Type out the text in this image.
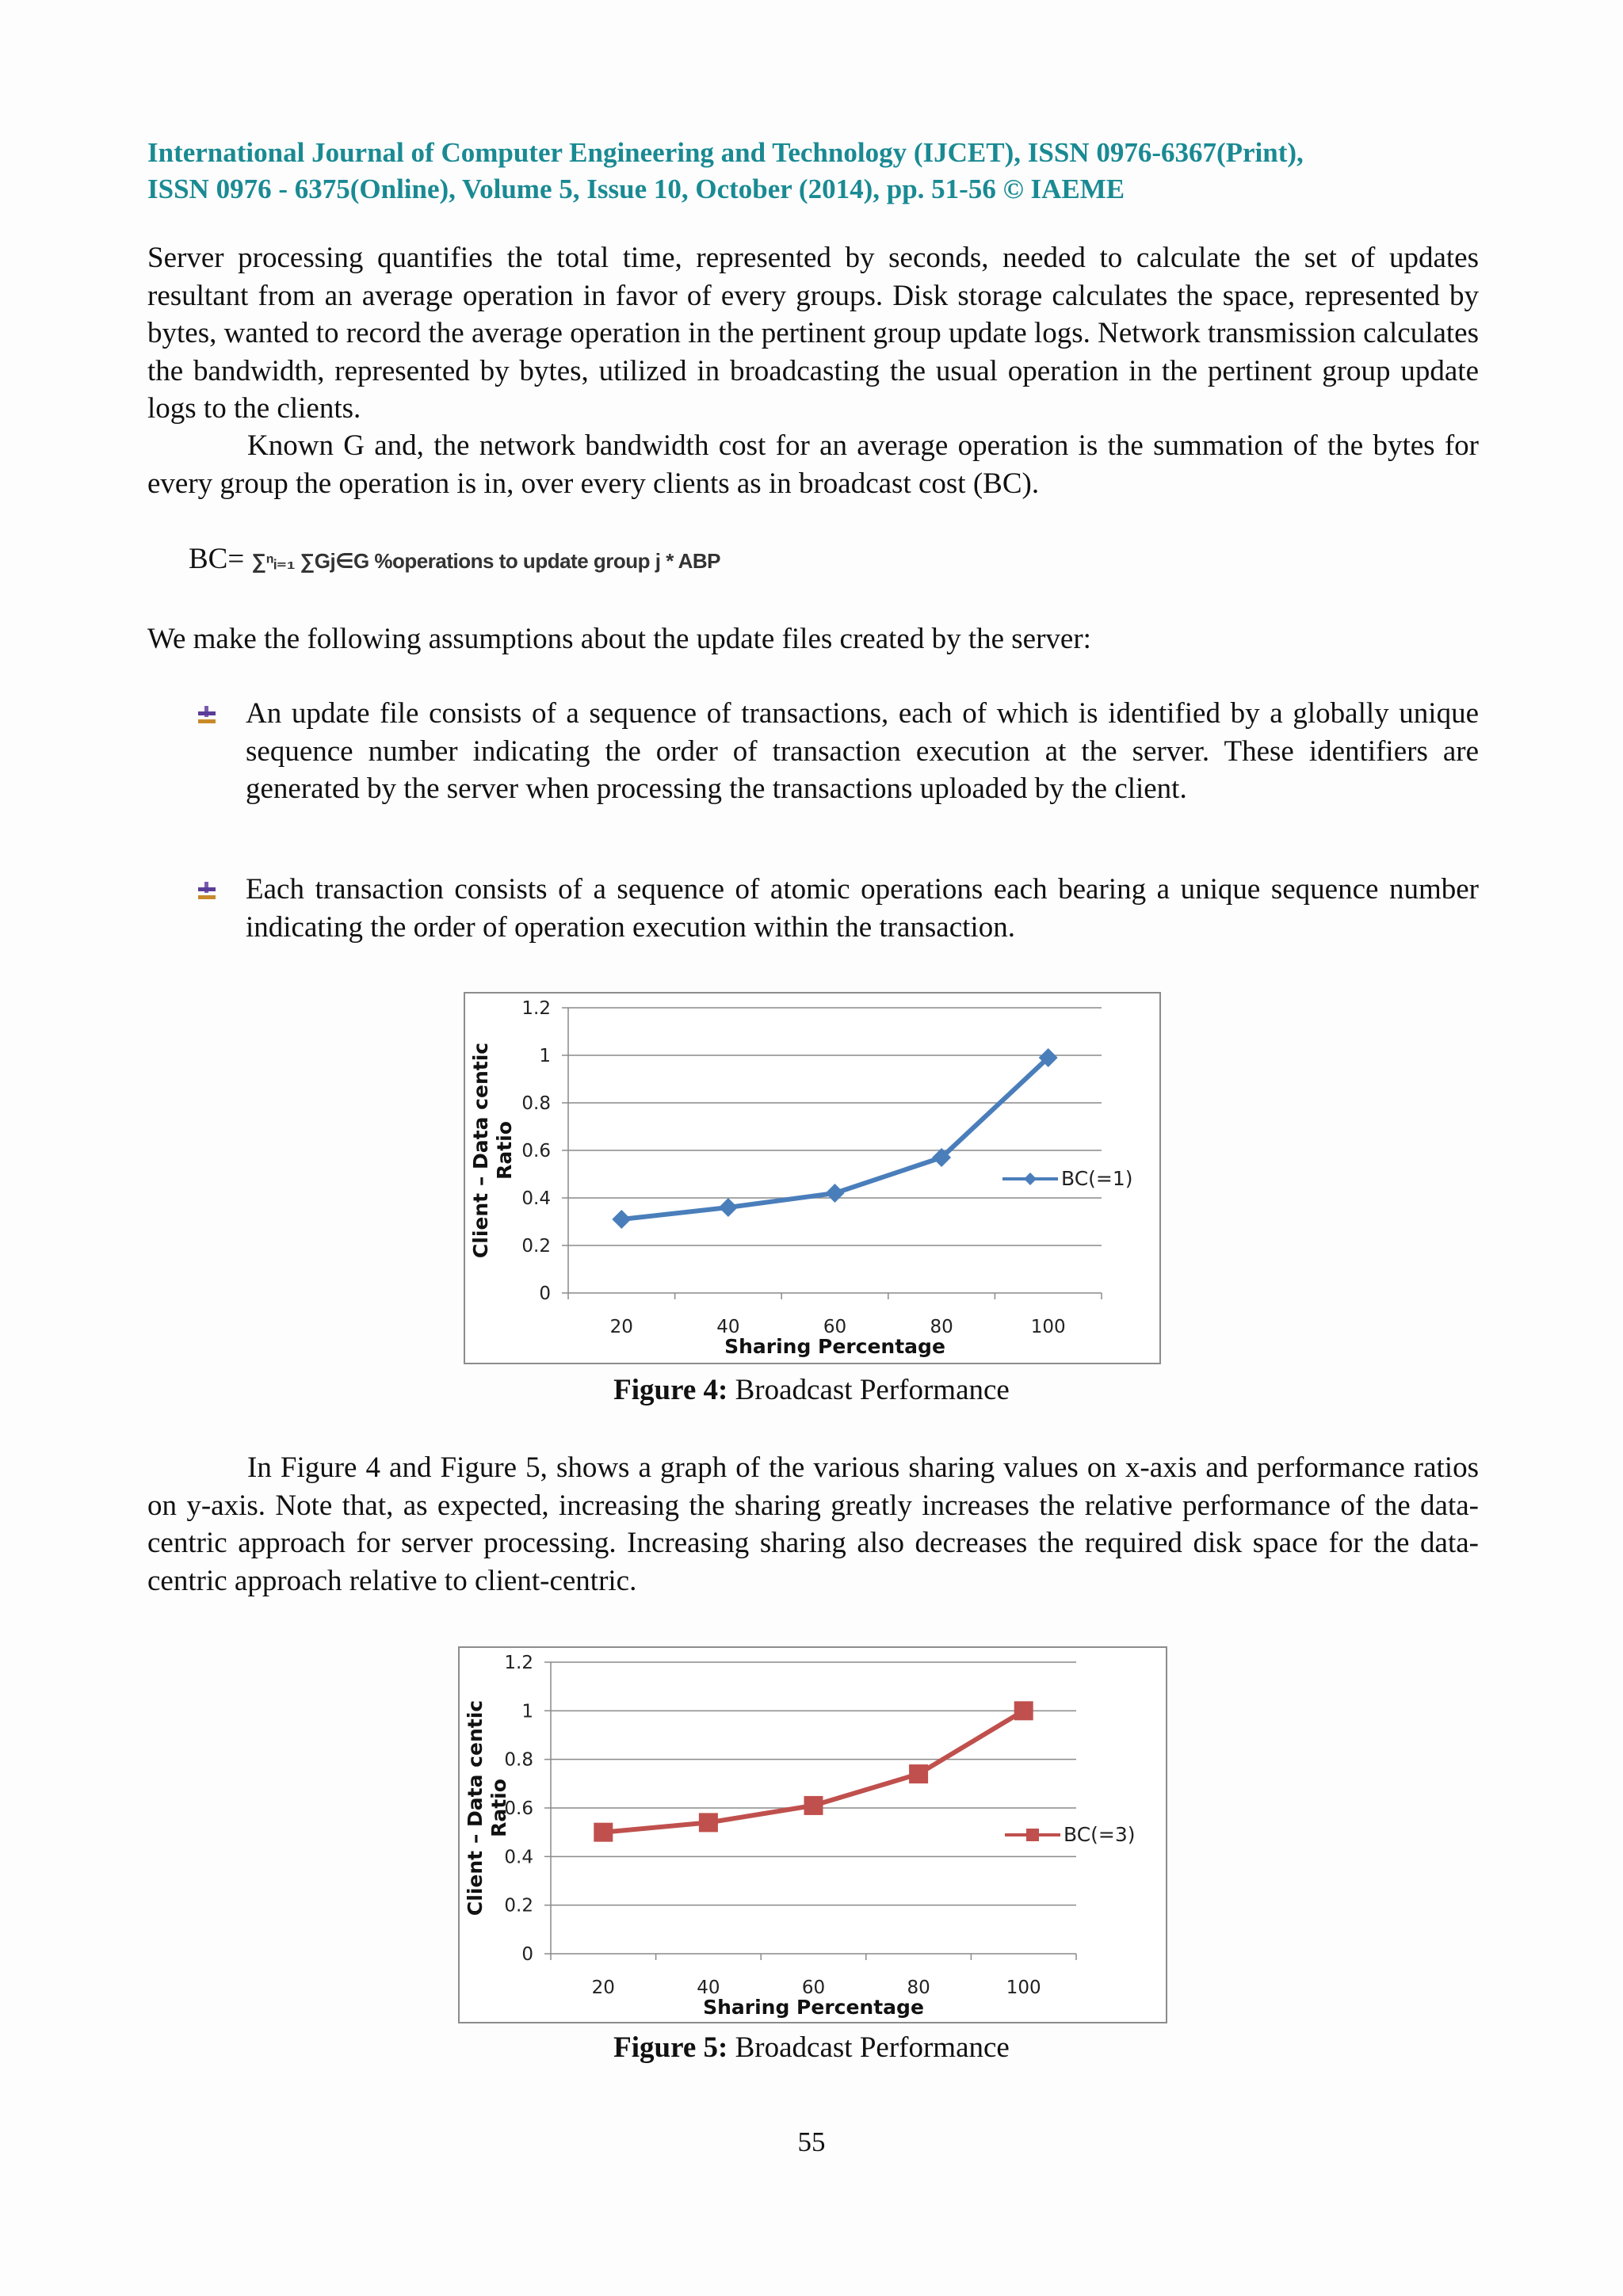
International Journal of Computer Engineering and Technology (IJCET), ISSN 0976-6367(Print),
ISSN 0976 - 6375(Online), Volume 5, Issue 10, October (2014), pp. 51-56 © IAEME

Server processing quantifies the total time, represented by seconds, needed to calculate the set of updates resultant from an average operation in favor of every groups. Disk storage calculates the space, represented by bytes, wanted to record the average operation in the pertinent group update logs. Network transmission calculates the bandwidth, represented by bytes, utilized in broadcasting the usual operation in the pertinent group update logs to the clients.

Known G and, the network bandwidth cost for an average operation is the summation of the bytes for every group the operation is in, over every clients as in broadcast cost (BC).

BC= ∑ⁿᵢ₌₁ ∑Gj∈G %operations to update group j * ABP

We make the following assumptions about the update files created by the server:

An update file consists of a sequence of transactions, each of which is identified by a globally unique sequence number indicating the order of transaction execution at the server. These identifiers are generated by the server when processing the transactions uploaded by the client.

Each transaction consists of a sequence of atomic operations each bearing a unique sequence number indicating the order of operation execution within the transaction.

0
0.2
0.4
0.6
0.8
1
1.2
20	40	60	80	100
Sharing Percentage
Client – Data centic Ratio	BC(=1)
Figure 4: Broadcast Performance

In Figure 4 and Figure 5, shows a graph of the various sharing values on x-axis and performance ratios on y-axis. Note that, as expected, increasing the sharing greatly increases the relative performance of the data-centric approach for server processing. Increasing sharing also decreases the required disk space for the data-centric approach relative to client-centric.

0
0.2
0.4
0.6
0.8
1
1.2
20	40	60	80	100
Sharing Percentage
Client – Data centic Ratio	BC(=3)
Figure 5: Broadcast Performance
55
